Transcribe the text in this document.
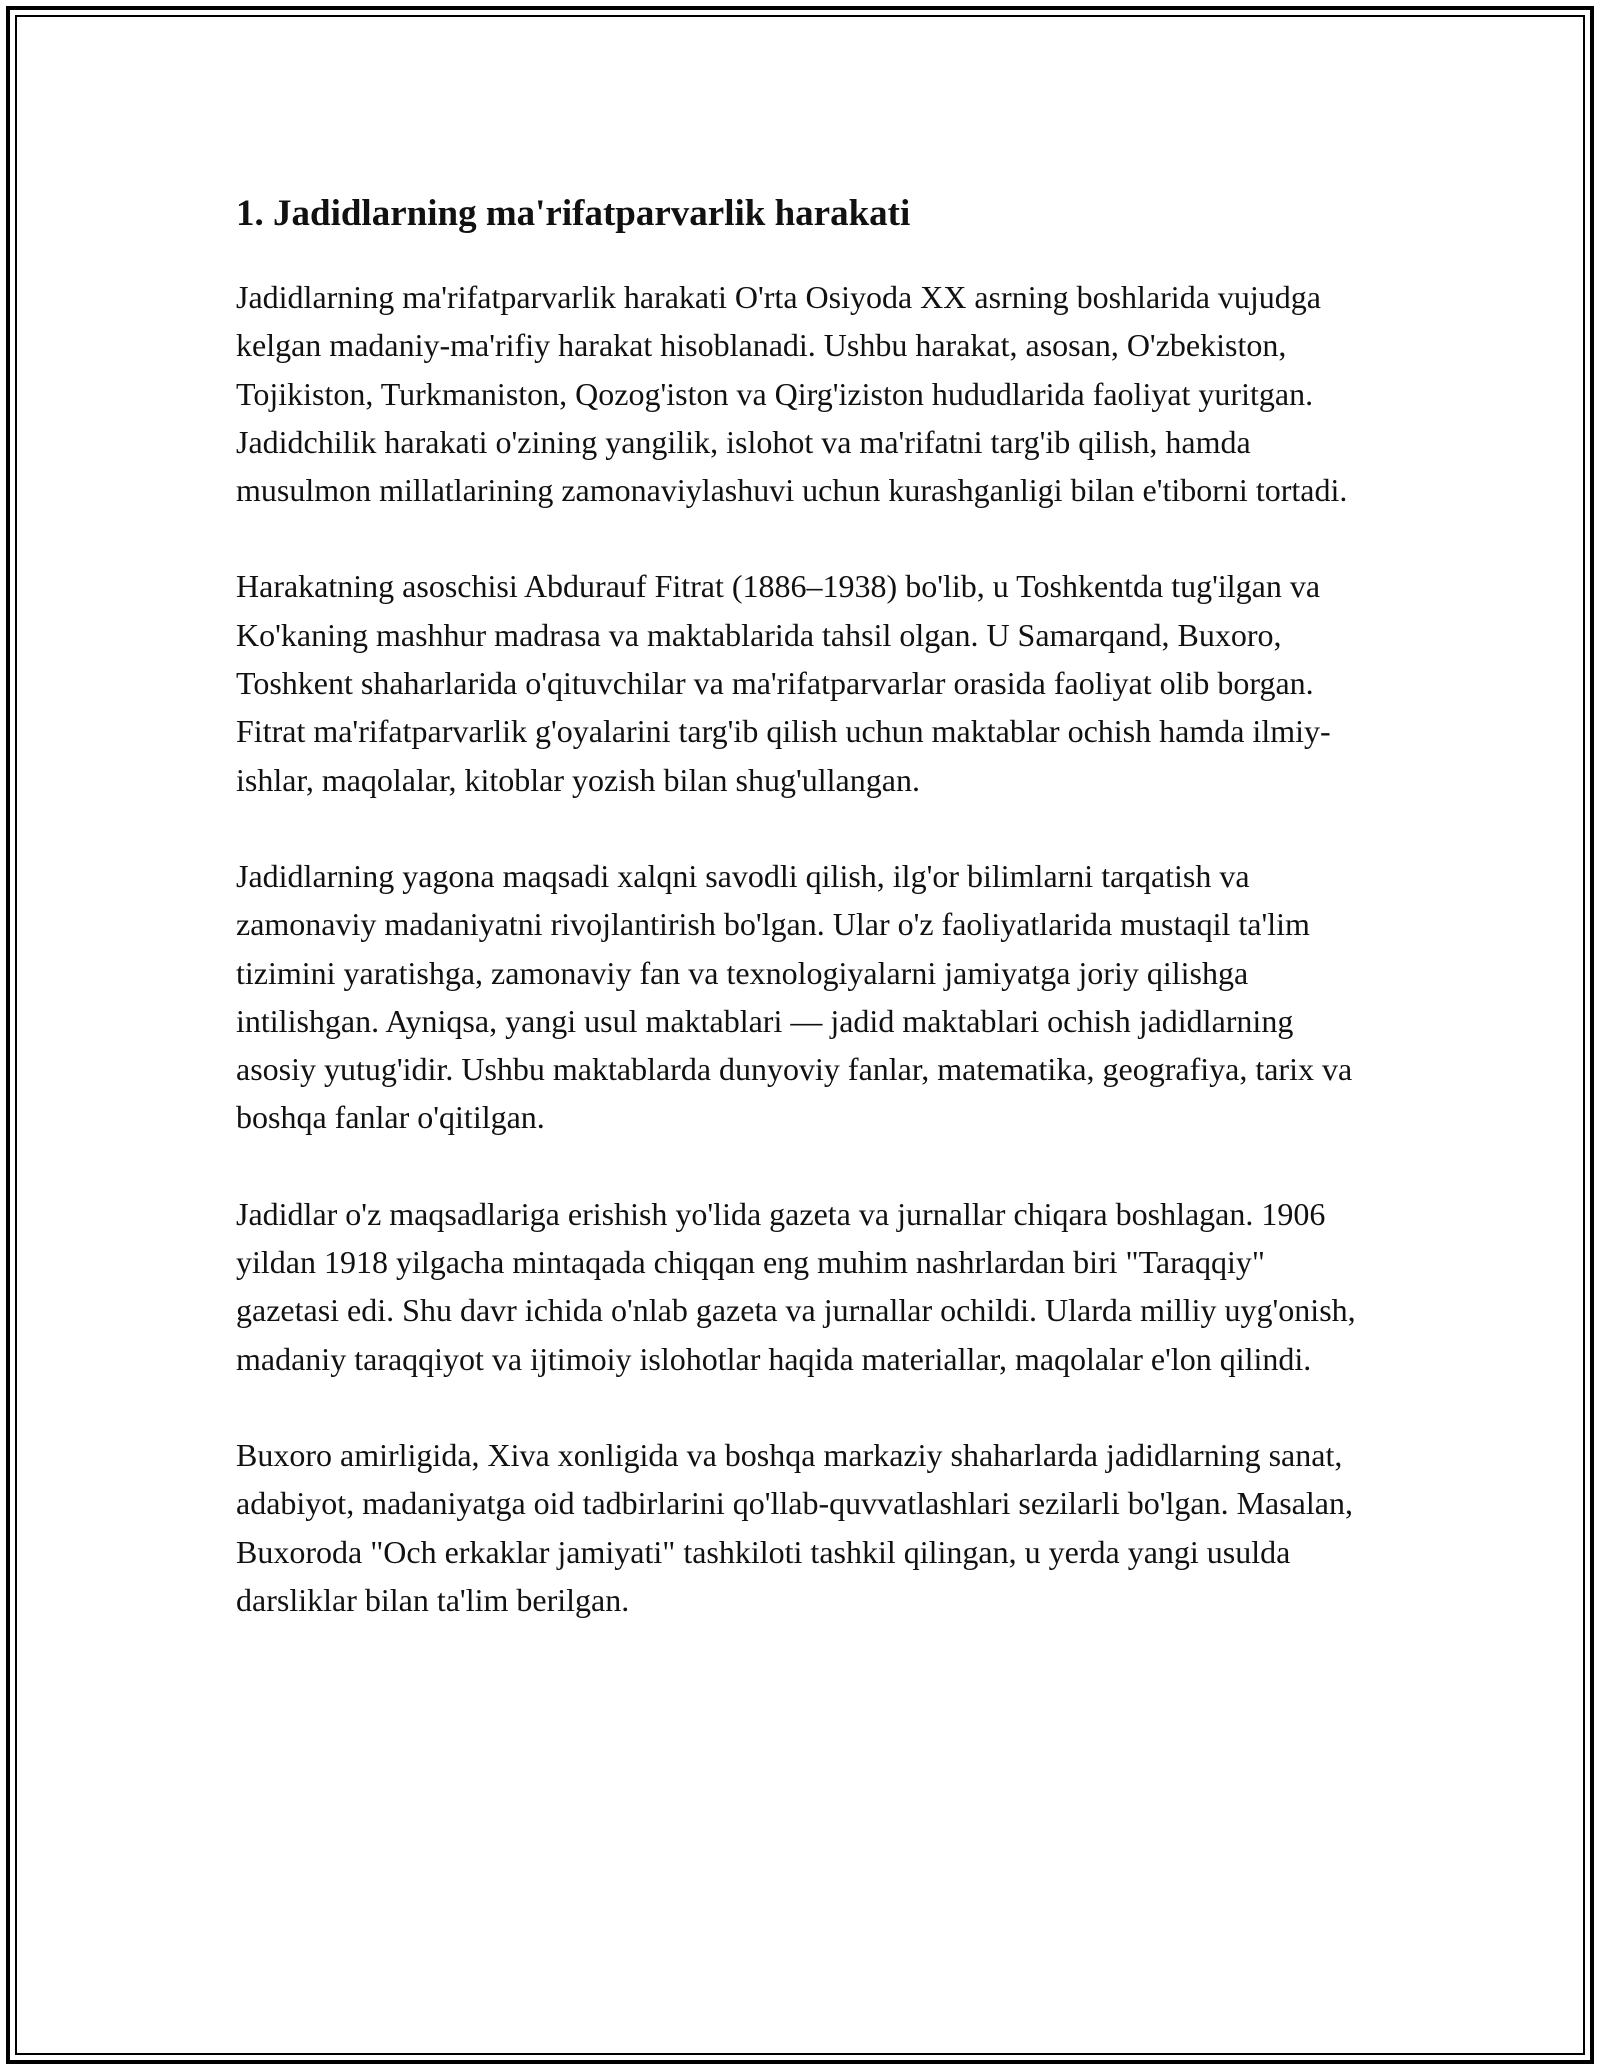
1. Jadidlarning ma'rifatparvarlik harakati

Jadidlarning ma'rifatparvarlik harakati O'rta Osiyoda XX asrning boshlarida vujudga kelgan madaniy-ma'rifiy harakat hisoblanadi. Ushbu harakat, asosan, O'zbekiston, Tojikiston, Turkmaniston, Qozog'iston va Qirg'iziston hududlarida faoliyat yuritgan. Jadidchilik harakati o'zining yangilik, islohot va ma'rifatni targ'ib qilish, hamda musulmon millatlarining zamonaviylashuvi uchun kurashganligi bilan e'tiborni tortadi.

Harakatning asoschisi Abdurauf Fitrat (1886–1938) bo'lib, u Toshkentda tug'ilgan va Ko'kaning mashhur madrasa va maktablarida tahsil olgan. U Samarqand, Buxoro, Toshkent shaharlarida o'qituvchilar va ma'rifatparvarlar orasida faoliyat olib borgan. Fitrat ma'rifatparvarlik g'oyalarini targ'ib qilish uchun maktablar ochish hamda ilmiy-ishlar, maqolalar, kitoblar yozish bilan shug'ullangan.

Jadidlarning yagona maqsadi xalqni savodli qilish, ilg'or bilimlarni tarqatish va zamonaviy madaniyatni rivojlantirish bo'lgan. Ular o'z faoliyatlarida mustaqil ta'lim tizimini yaratishga, zamonaviy fan va texnologiyalarni jamiyatga joriy qilishga intilishgan. Ayniqsa, yangi usul maktablari — jadid maktablari ochish jadidlarning asosiy yutug'idir. Ushbu maktablarda dunyoviy fanlar, matematika, geografiya, tarix va boshqa fanlar o'qitilgan.

Jadidlar o'z maqsadlariga erishish yo'lida gazeta va jurnallar chiqara boshlagan. 1906 yildan 1918 yilgacha mintaqada chiqqan eng muhim nashrlardan biri "Taraqqiy" gazetasi edi. Shu davr ichida o'nlab gazeta va jurnallar ochildi. Ularda milliy uyg'onish, madaniy taraqqiyot va ijtimoiy islohotlar haqida materiallar, maqolalar e'lon qilindi.

Buxoro amirligida, Xiva xonligida va boshqa markaziy shaharlarda jadidlarning sanat, adabiyot, madaniyatga oid tadbirlarini qo'llab-quvvatlashlari sezilarli bo'lgan. Masalan, Buxoroda "Och erkaklar jamiyati" tashkiloti tashkil qilingan, u yerda yangi usulda darsliklar bilan ta'lim berilgan.
